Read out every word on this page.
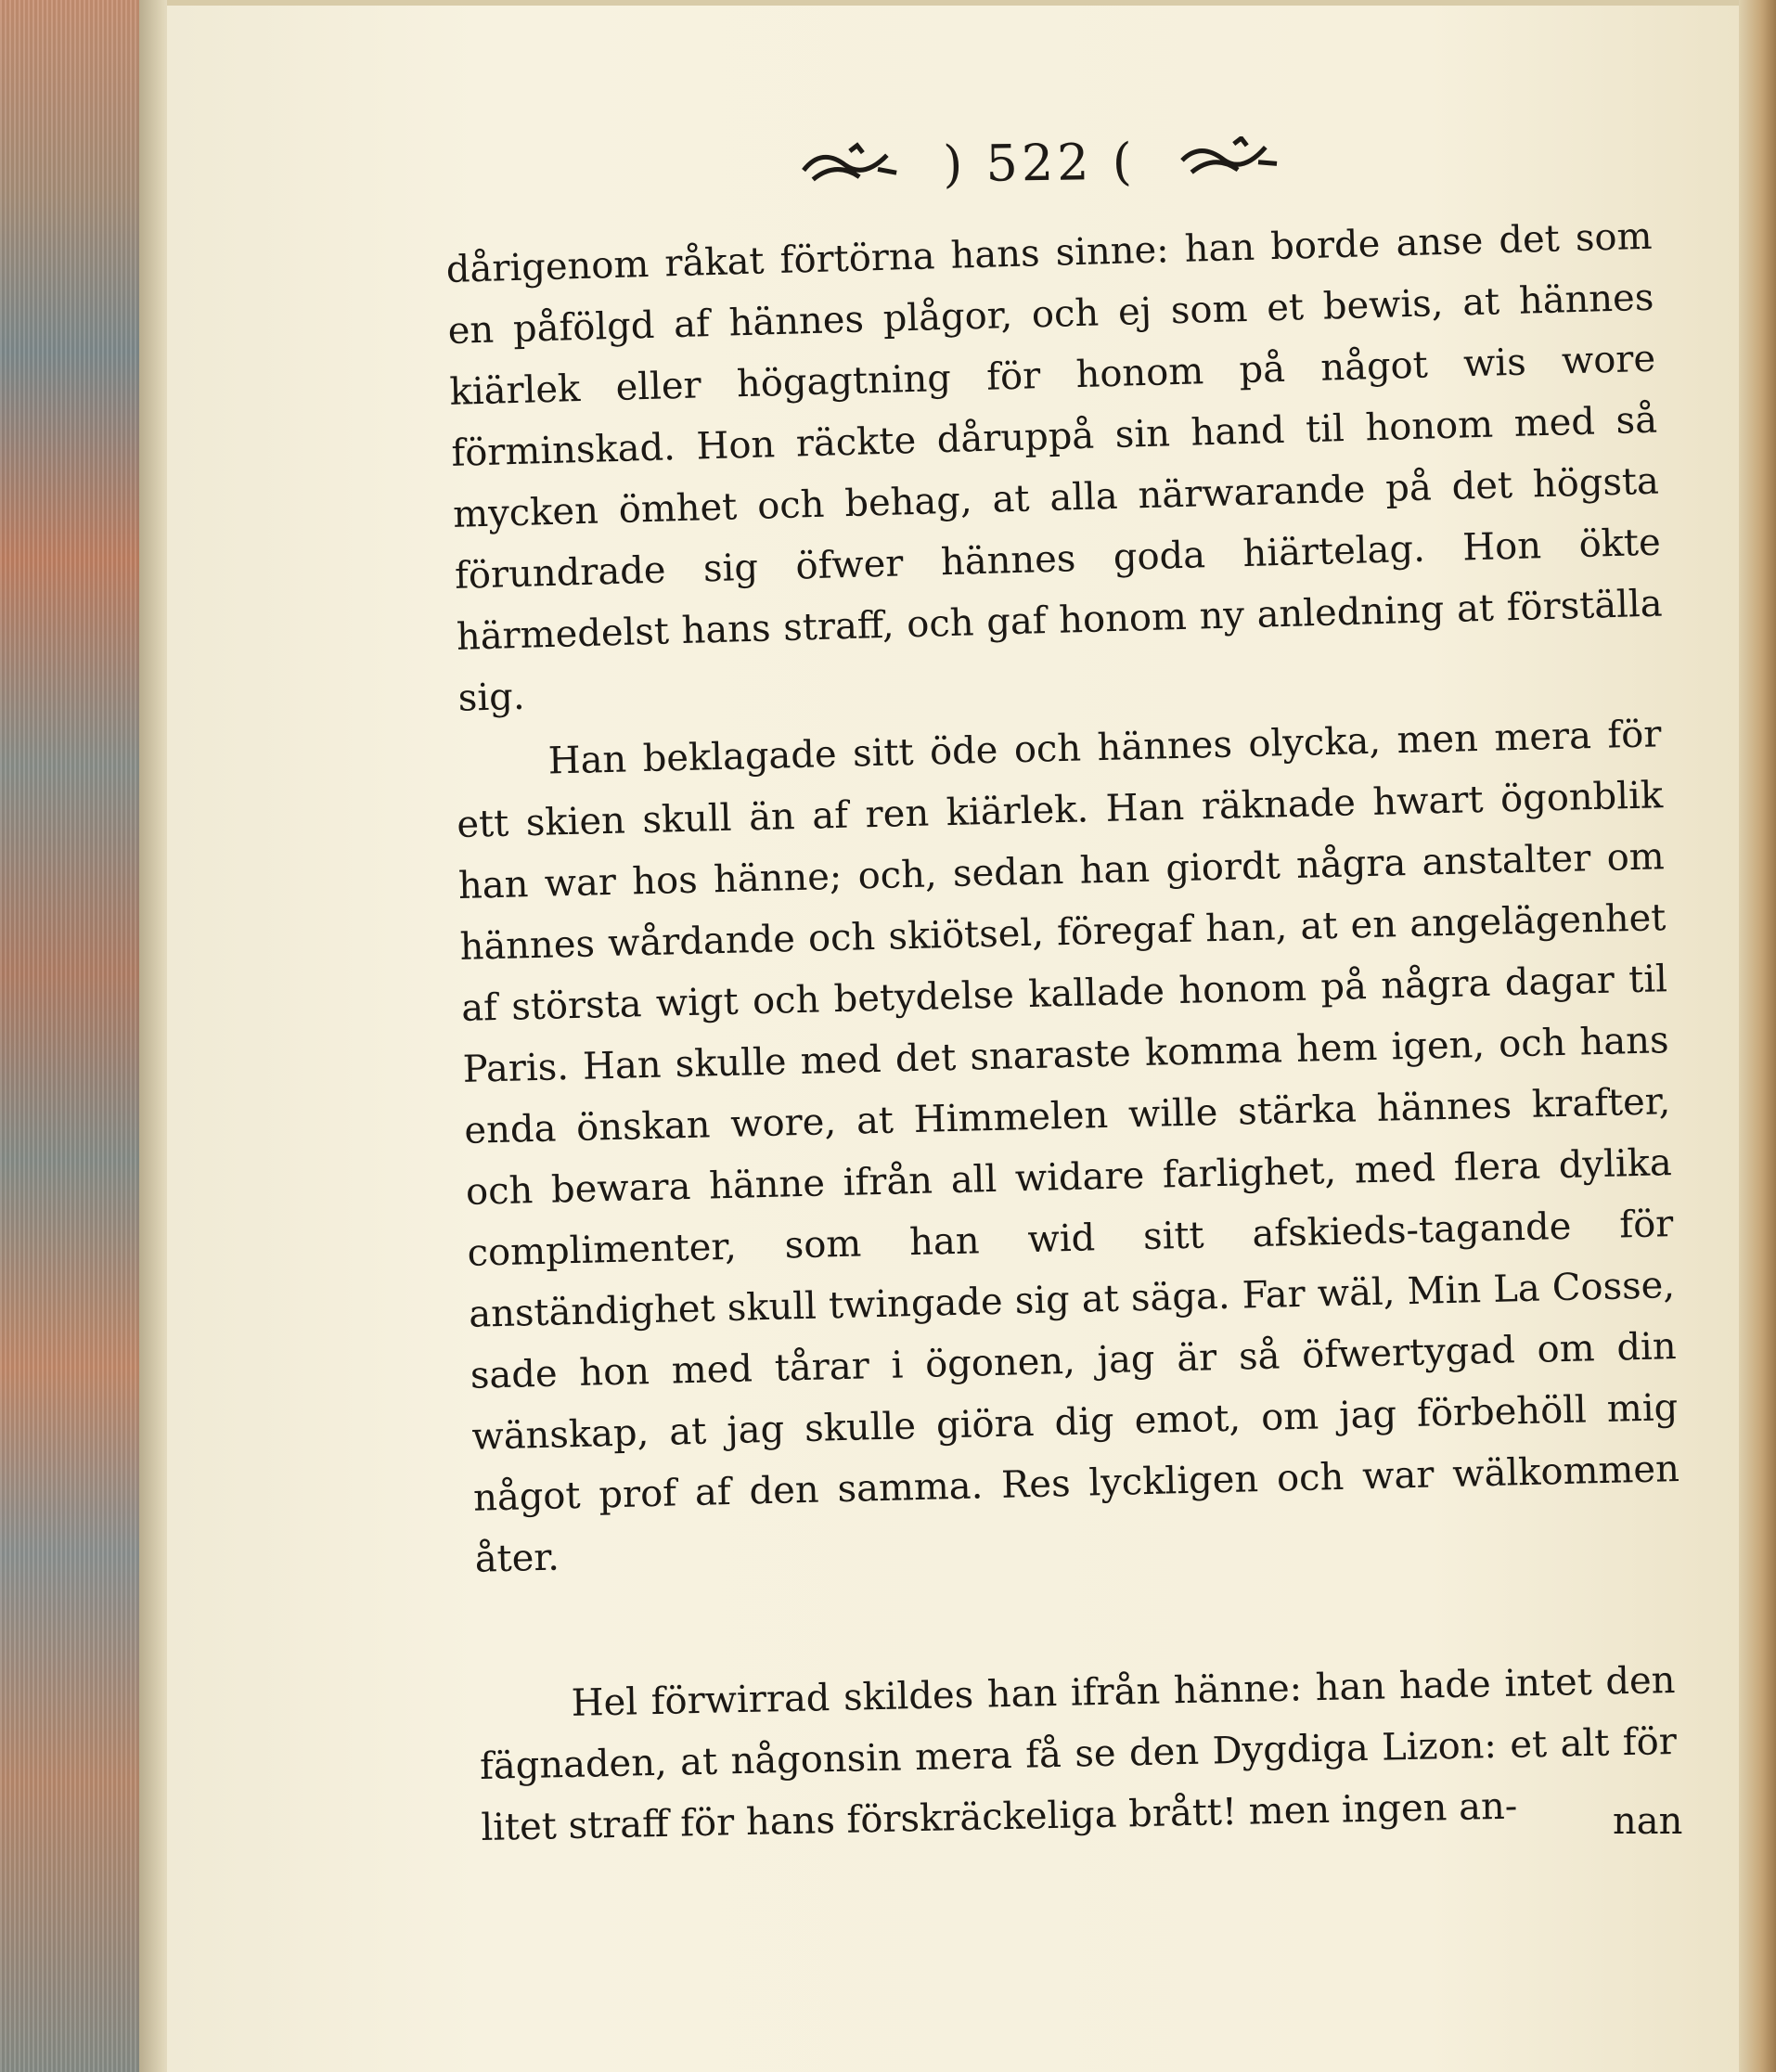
) 522 (

dårigenom råkat förtörna hans sinne: han borde anse det som en påfölgd af hännes plågor, och ej som et bewis, at hännes kiärlek eller högagtning för honom på något wis wore förminskad. Hon räckte dåruppå sin hand til honom med så mycken ömhet och behag, at alla närwarande på det högsta förundrade sig öfwer hännes goda hiärtelag. Hon ökte härmedelst hans straff, och gaf honom ny anledning at förställa sig.

Han beklagade sitt öde och hännes olycka, men mera för ett skien skull än af ren kiärlek. Han räknade hwart ögonblik han war hos hänne; och, sedan han giordt några anstalter om hännes wårdande och skiötsel, föregaf han, at en angelägenhet af största wigt och betydelse kallade honom på några dagar til Paris. Han skulle med det snaraste komma hem igen, och hans enda önskan wore, at Himmelen wille stärka hännes krafter, och bewara hänne ifrån all widare farlighet, med flera dylika complimenter, som han wid sitt afskieds-tagande för anständighet skull twingade sig at säga. Far wäl, Min La Cosse, sade hon med tårar i ögonen, jag är så öfwertygad om din wänskap, at jag skulle giöra dig emot, om jag förbehöll mig något prof af den samma. Res lyckligen och war wälkommen åter.

Hel förwirrad skildes han ifrån hänne: han hade intet den fägnaden, at någonsin mera få se den Dygdiga Lizon: et alt för litet straff för hans förskräckeliga brått! men ingen an-	nan
